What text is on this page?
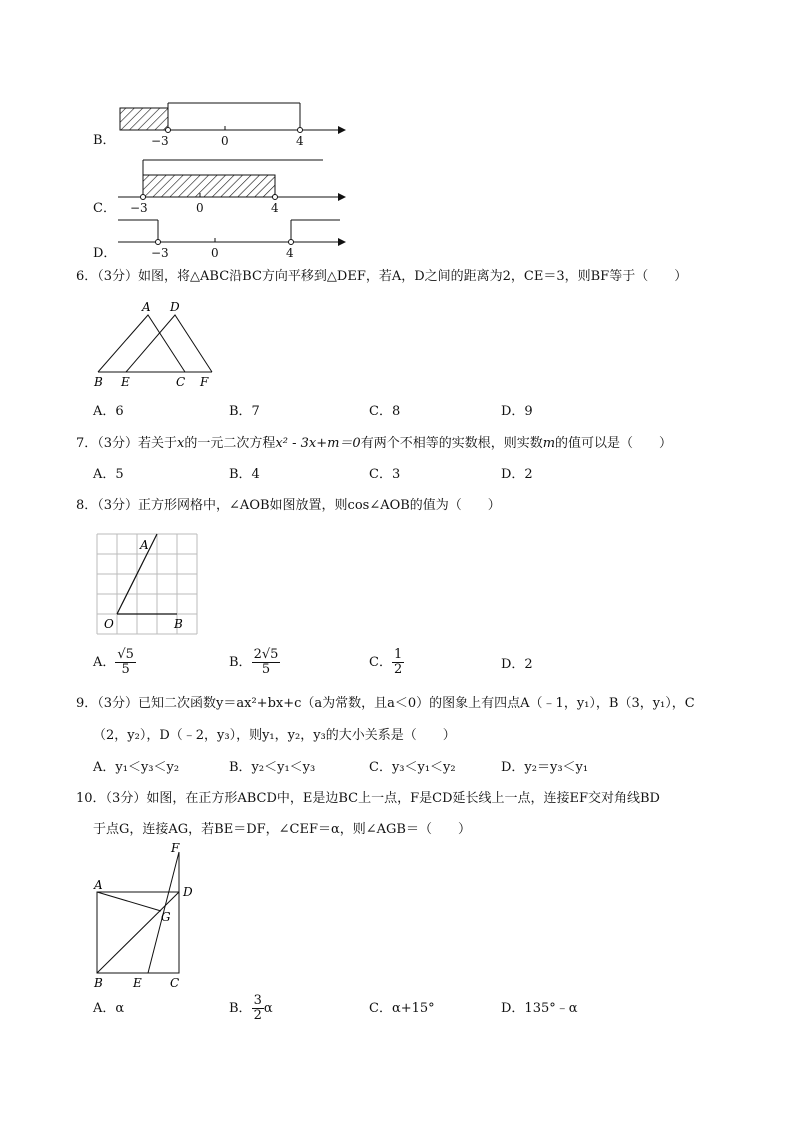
B．	−3	0	4
C． −3	0	4
D．	−3	0	4
6．（3分）如图，将△ABC沿BC方向平移到△DEF，若A，D之间的距离为2，CE＝3，则BF等于（　　）
A D
B E	C F
A．6	B．7	C．8	D．9
7．（3分）若关于x的一元二次方程x² - 3x+m＝0有两个不相等的实数根，则实数m的值可以是（　　）
A．5	B．4	C．3	D．2
8．（3分）正方形网格中，∠AOB如图放置，则cos∠AOB的值为（　　）
A
O	B
A． $\frac{√5}{5}$	B． $\frac{2√5}{5}$	C． $\frac{1}{2}$	D．2
9．（3分）已知二次函数y＝ax²+bx+c（a为常数，且a＜0）的图象上有四点A（﹣1，y₁），B（3，y₁），C
（2，y₂），D（﹣2，y₃），则y₁，y₂，y₃的大小关系是（　　）
A．y₁＜y₃＜y₂	B．y₂＜y₁＜y₃	C．y₃＜y₁＜y₂	D．y₂＝y₃＜y₁
10．（3分）如图，在正方形ABCD中，E是边BC上一点，F是CD延长线上一点，连接EF交对角线BD
于点G，连接AG，若BE＝DF，∠CEF＝α，则∠AGB＝（　　）
F
A	D
G
B	E C
A．α	B． $\frac{3}{2}$ α	C．α+15°	D．135°﹣α
